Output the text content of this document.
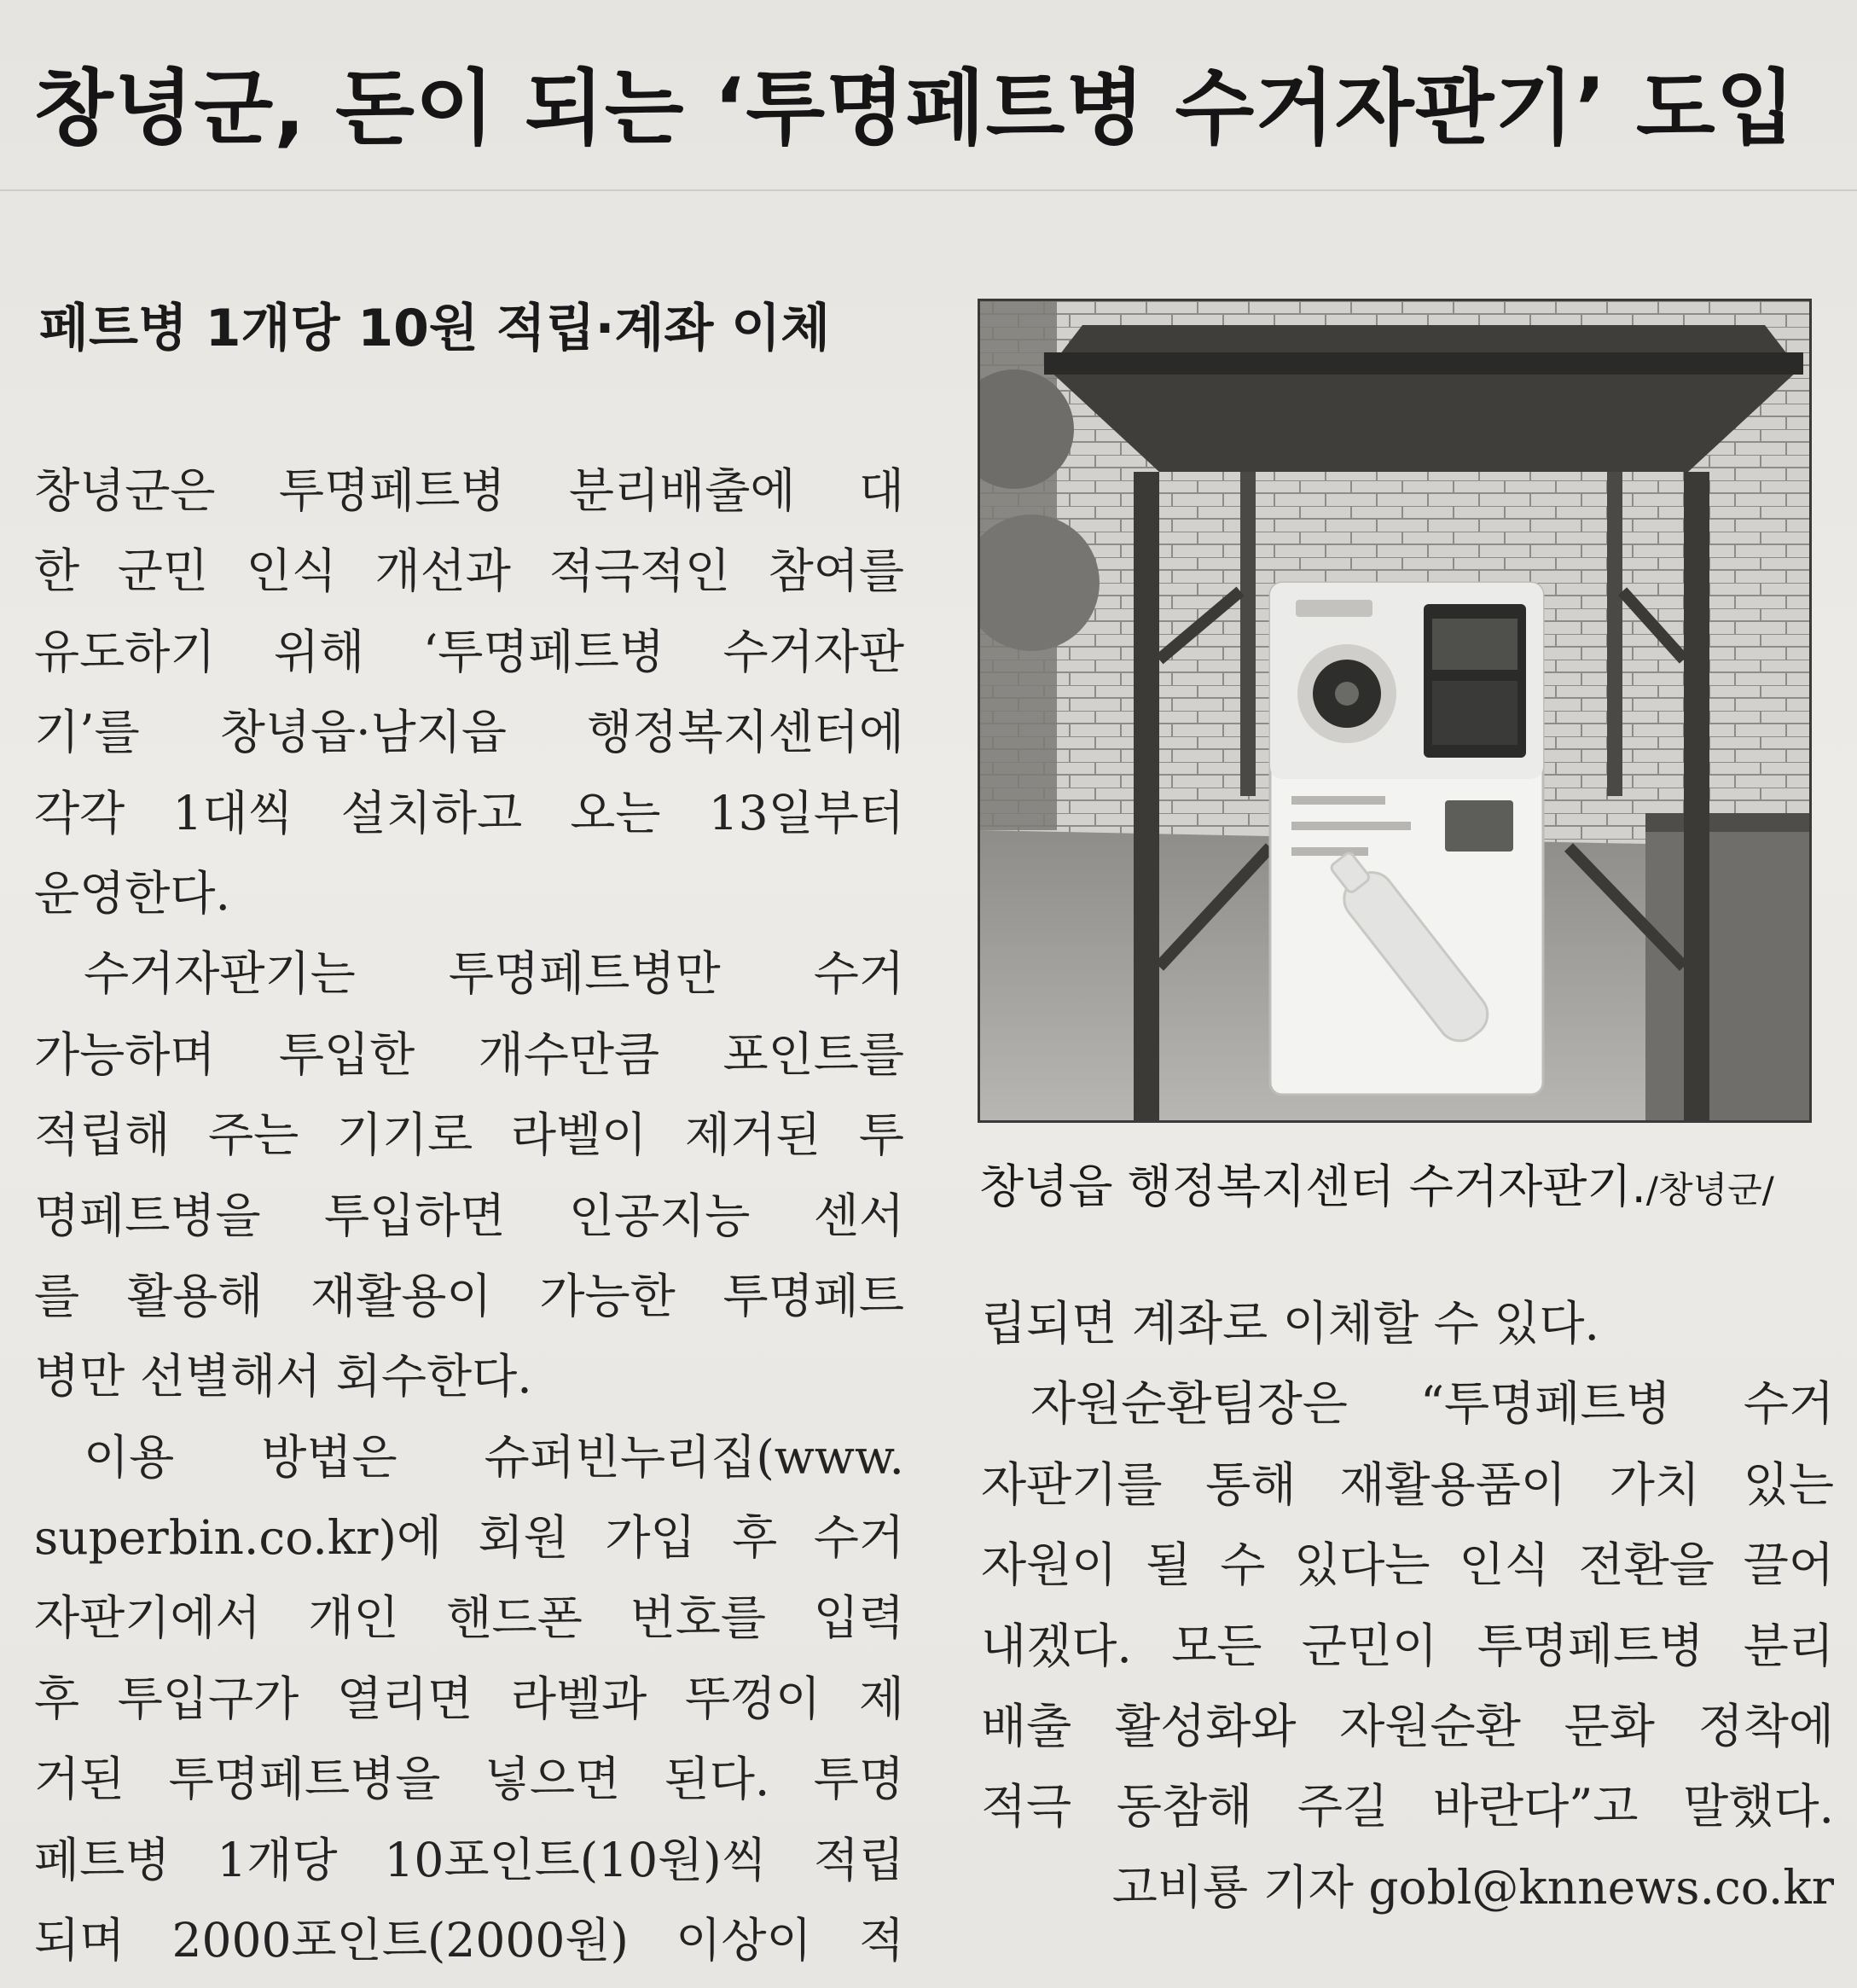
창녕군, 돈이 되는 ‘투명페트병 수거자판기’ 도입
페트병 1개당 10원 적립·계좌 이체
창녕군은 투명페트병 분리배출에 대
한 군민 인식 개선과 적극적인 참여를
유도하기 위해 ‘투명페트병 수거자판
기’를 창녕읍·남지읍 행정복지센터에
각각 1대씩 설치하고 오는 13일부터
운영한다.
수거자판기는 투명페트병만 수거
가능하며 투입한 개수만큼 포인트를
적립해 주는 기기로 라벨이 제거된 투
명페트병을 투입하면 인공지능 센서
를 활용해 재활용이 가능한 투명페트
병만 선별해서 회수한다.
이용 방법은 슈퍼빈누리집(www.
superbin.co.kr)에 회원 가입 후 수거
자판기에서 개인 핸드폰 번호를 입력
후 투입구가 열리면 라벨과 뚜껑이 제
거된 투명페트병을 넣으면 된다. 투명
페트병 1개당 10포인트(10원)씩 적립
되며 2000포인트(2000원) 이상이 적
창녕읍 행정복지센터 수거자판기./창녕군/
립되면 계좌로 이체할 수 있다.
자원순환팀장은 “투명페트병 수거
자판기를 통해 재활용품이 가치 있는
자원이 될 수 있다는 인식 전환을 끌어
내겠다. 모든 군민이 투명페트병 분리
배출 활성화와 자원순환 문화 정착에
적극 동참해 주길 바란다”고 말했다.
고비룡 기자 gobl@knnews.co.kr
